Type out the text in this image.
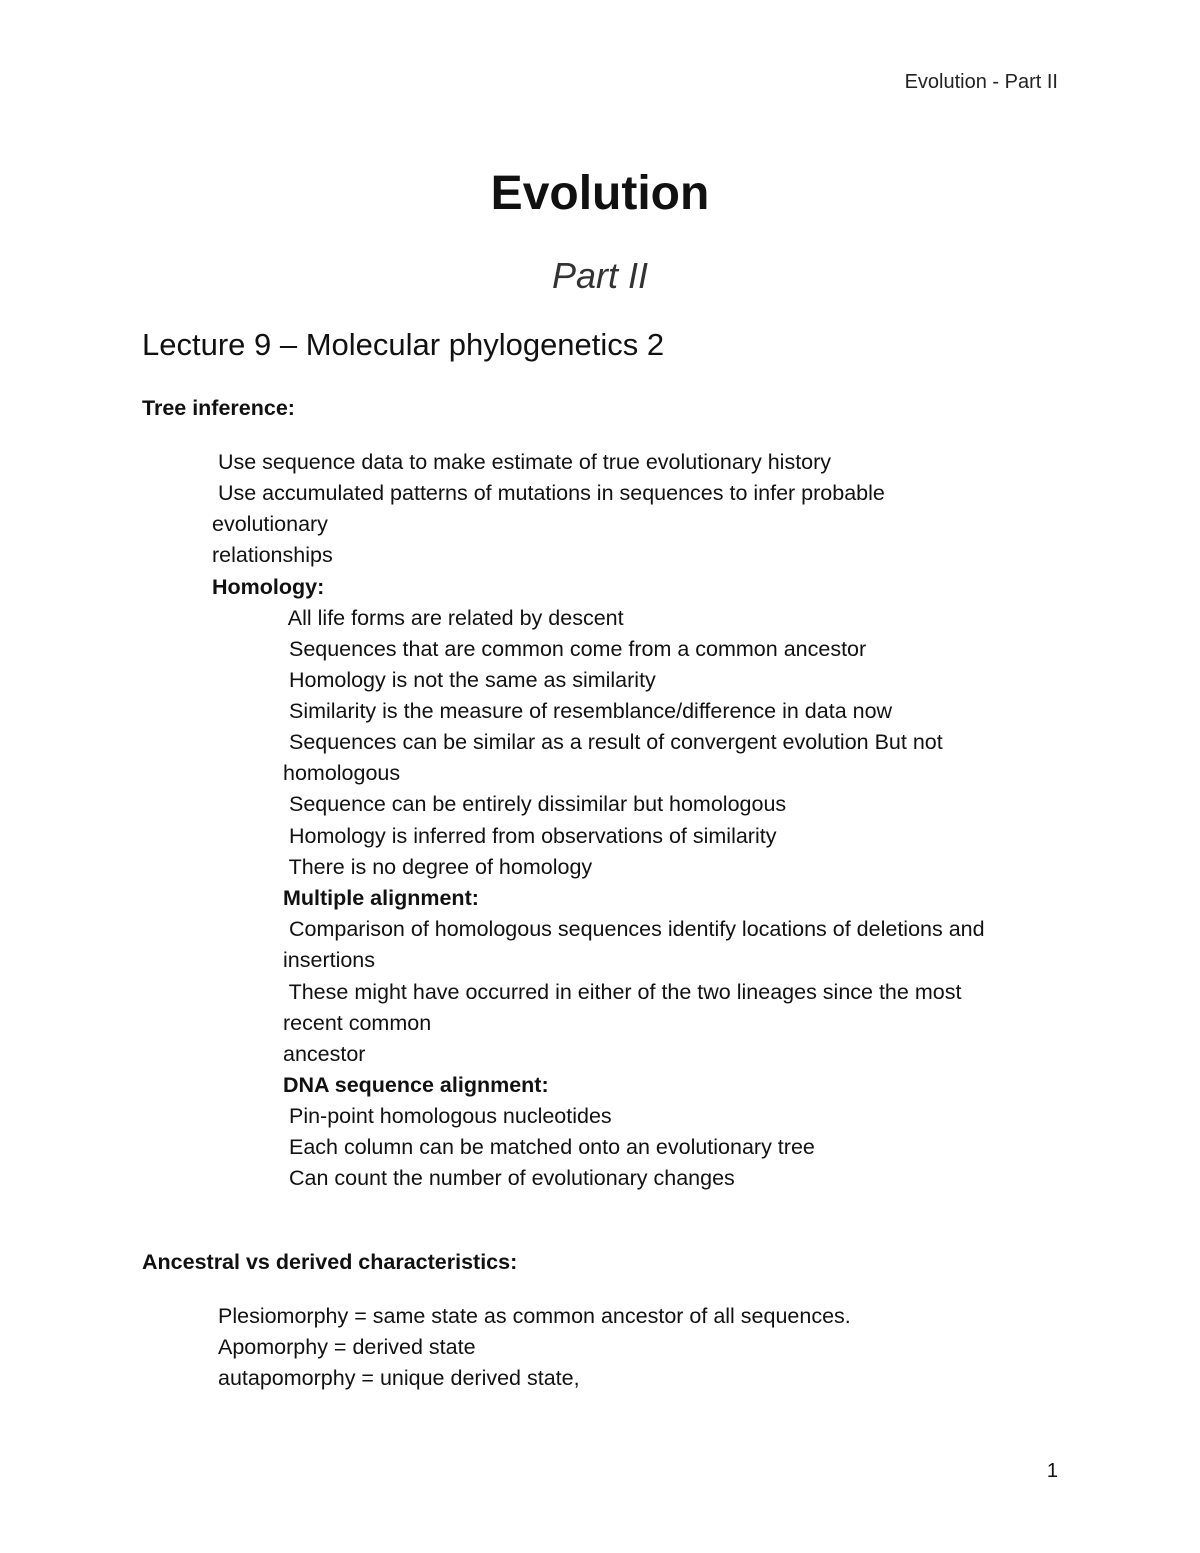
Evolution - Part II
Evolution
Part II
Lecture 9 – Molecular phylogenetics 2
Tree inference:
Use sequence data to make estimate of true evolutionary history
Use accumulated patterns of mutations in sequences to infer probable
evolutionary
relationships
Homology:
All life forms are related by descent
Sequences that are common come from a common ancestor
Homology is not the same as similarity
Similarity is the measure of resemblance/difference in data now
Sequences can be similar as a result of convergent evolution But not
homologous
Sequence can be entirely dissimilar but homologous
Homology is inferred from observations of similarity
There is no degree of homology
Multiple alignment:
Comparison of homologous sequences identify locations of deletions and
insertions
These might have occurred in either of the two lineages since the most
recent common
ancestor
DNA sequence alignment:
Pin-point homologous nucleotides
Each column can be matched onto an evolutionary tree
Can count the number of evolutionary changes
Ancestral vs derived characteristics:
Plesiomorphy = same state as common ancestor of all sequences.
Apomorphy = derived state
autapomorphy = unique derived state,
1
